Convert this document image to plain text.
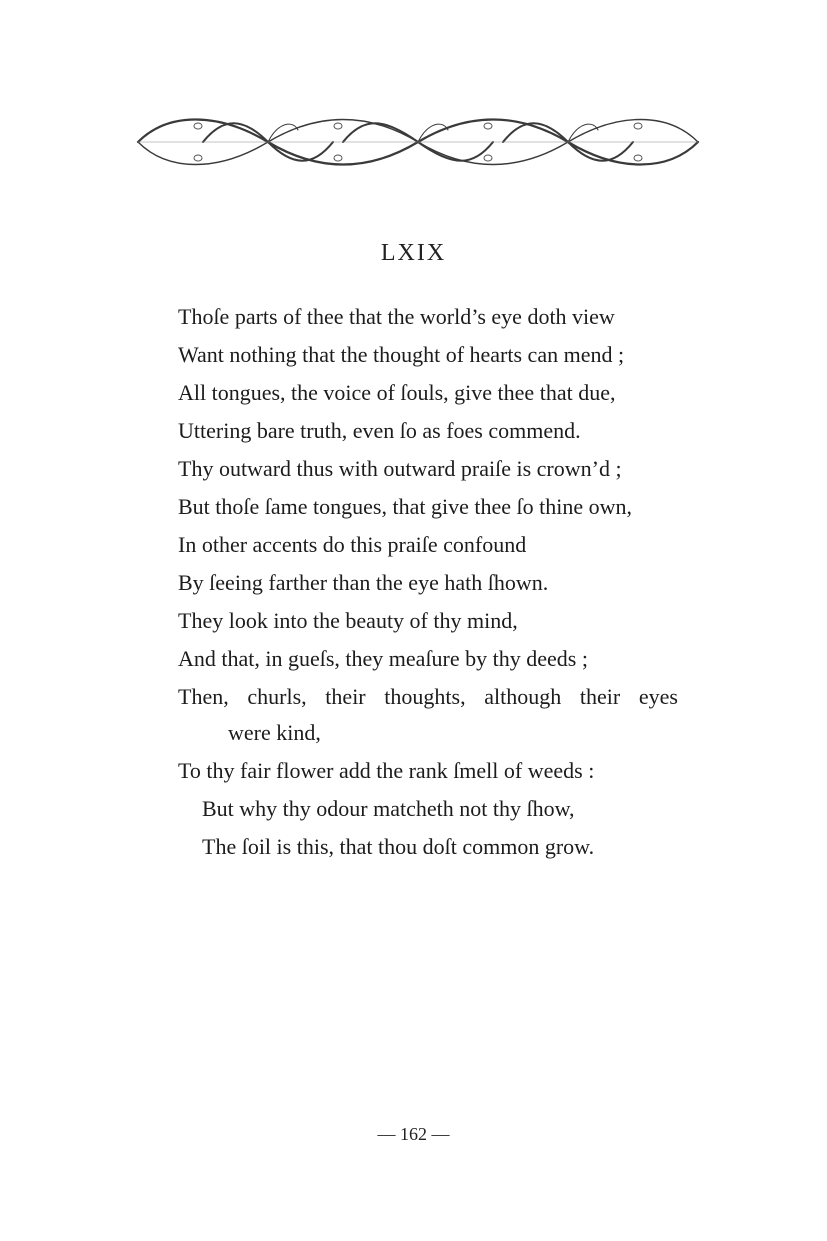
LXIX
Thoſe parts of thee that the world’s eye doth view
Want nothing that the thought of hearts can mend ;
All tongues, the voice of ſouls, give thee that due,
Uttering bare truth, even ſo as foes commend.
Thy outward thus with outward praiſe is crown’d ;
But thoſe ſame tongues, that give thee ſo thine own,
In other accents do this praiſe confound
By ſeeing farther than the eye hath ſhown.
They look into the beauty of thy mind,
And that, in gueſs, they meaſure by thy deeds ;
Then, churls, their thoughts, although their eyes
were kind,
To thy fair flower add the rank ſmell of weeds :
But why thy odour matcheth not thy ſhow,
The ſoil is this, that thou doſt common grow.
— 162 —
